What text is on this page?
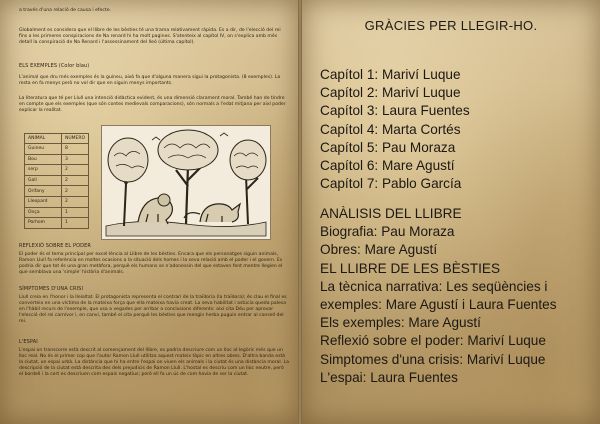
a través d'una relació de causa i efecte.
Globalment es considera que el llibre de les bèsties té una trama relativament ràpida. Es a dir, de l'elecció del rei fins a les primeres conspiracions de Na renard hi ha molt pagines. S'atenteix al capítol IV, on s'explica amb més detall la conspiració de Na Renard i l'assessinament del lleó (última capítol).
ELS EXEMPLES (Color blau)
L'animal que dru més exemples és la guineu, això fa que d'alguna manera sigui la protagonista. (8 exemples). La resta en fa menys però no vol dir que en siguin menys importants.
La literatura que té per Llull una intenció didàctica evident, és una dimensió clarament moral. També han de tindre en compte que els exemples (que són contes medievals comparacions), són normals a l'edat mitjana per així poder explicar la realitat.
ANIMAL	NÚMERO
Guineu	8
Bou	3
serp	2
Gall	2
Orifany	2
Lleopard	2
Onça	1
Porhom	1
REFLEXIÓ SOBRE EL PODER
El poder és el tema principal per excel·lència al Llibre de les bèsties. Encara que els personatges siguin animals, Ramon Llull fa referència en moltes ocasions a la situació dels homes i la seva relació amb el poder i el govern. Es podria dir que tot és una gran metàfora, perquè els humans se n'adonessin del que estaven fent mentre llegien el que semblava una 'simple' història d'animals.
SÍMPTOMES D'UNA CRISI
Llull creia en l'honor i la lleialtat. El protagonista representa el contrari de la traïdoria (la traïdora); és clau el final es converteix en una víctima de la mateixa força que ella mateixa havia creat. La seva habilitat i astúcia queda palesa en l'hàbil recurs de l'exemple, que usa a vegades per arribar a conclusions diferents: així cita Déu per aprovar l'elecció del rei carnívor i, en canvi, també el cita perquè les bèsties que mengin herba puguin entrar al consell del rei.
L'ESPAI
L'espai on transcorre està descrit al començament del llibre, es podria descriure com un lloc al·legòric més que un lloc real. No és el primer cop que l'autor Ramon Llull utilitza aquest mateix tòpic en altres obres. D'altra banda està la ciutat, un espai urbà. La distància que hi ha entre l'espai on viuen els animals i la ciutat és una distància moral. La descripció de la ciutat està descrita des dels prejudicis de Ramon Llull. L'hostal es descriu com un lloc neutre, però el bordell i la cort es descriuen com espais negatius; però ell fa un ús de com havia de ser la ciutat.
GRÀCIES PER LLEGIR-HO.
Capítol 1: Mariví Luque
Capítol 2: Mariví Luque
Capítol 3: Laura Fuentes
Capítol 4: Marta Cortés
Capítol 5: Pau Moraza
Capítol 6: Mare Agustí
Capítol 7: Pablo García
ANÀLISIS DEL LLIBRE
Biografia: Pau Moraza
Obres: Mare Agustí
EL LLIBRE DE LES BÈSTIES
La tècnica narrativa: Les seqüències i
exemples: Mare Agustí i Laura Fuentes
Els exemples: Mare Agustí
Reflexió sobre el poder: Mariví Luque
Simptomes d'una crisis: Mariví Luque
L'espai: Laura Fuentes
